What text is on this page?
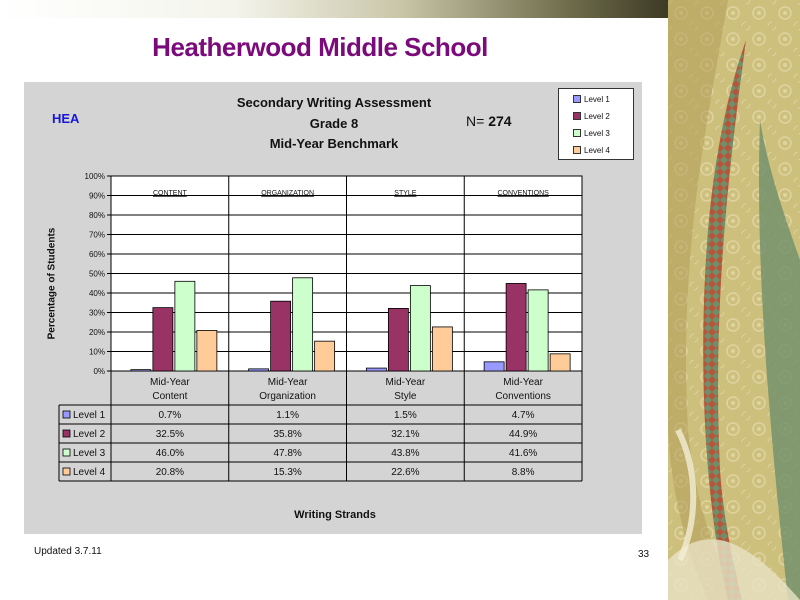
Heatherwood Middle School
0%
10%
20%
30%
40%
50%
60%
70%
80%
90%
100%
CONTENT	ORGANIZATION	STYLE	CONVENTIONS
Mid-Year
Content
Mid-Year
Organization
Mid-Year
Style
Mid-Year
Conventions
Level 1	0.7%	1.1%	1.5%	4.7%
Level 2	32.5%	35.8%	32.1%	44.9%
Level 3	46.0%	47.8%	43.8%	41.6%
Level 4	20.8%	15.3%	22.6%	8.8%
HEA
Secondary Writing Assessment
Grade 8
Mid-Year Benchmark
N= 274
Level 1
Level 2
Level 3
Level 4
Percentage of Students
Writing Strands
Updated 3.7.11	33
